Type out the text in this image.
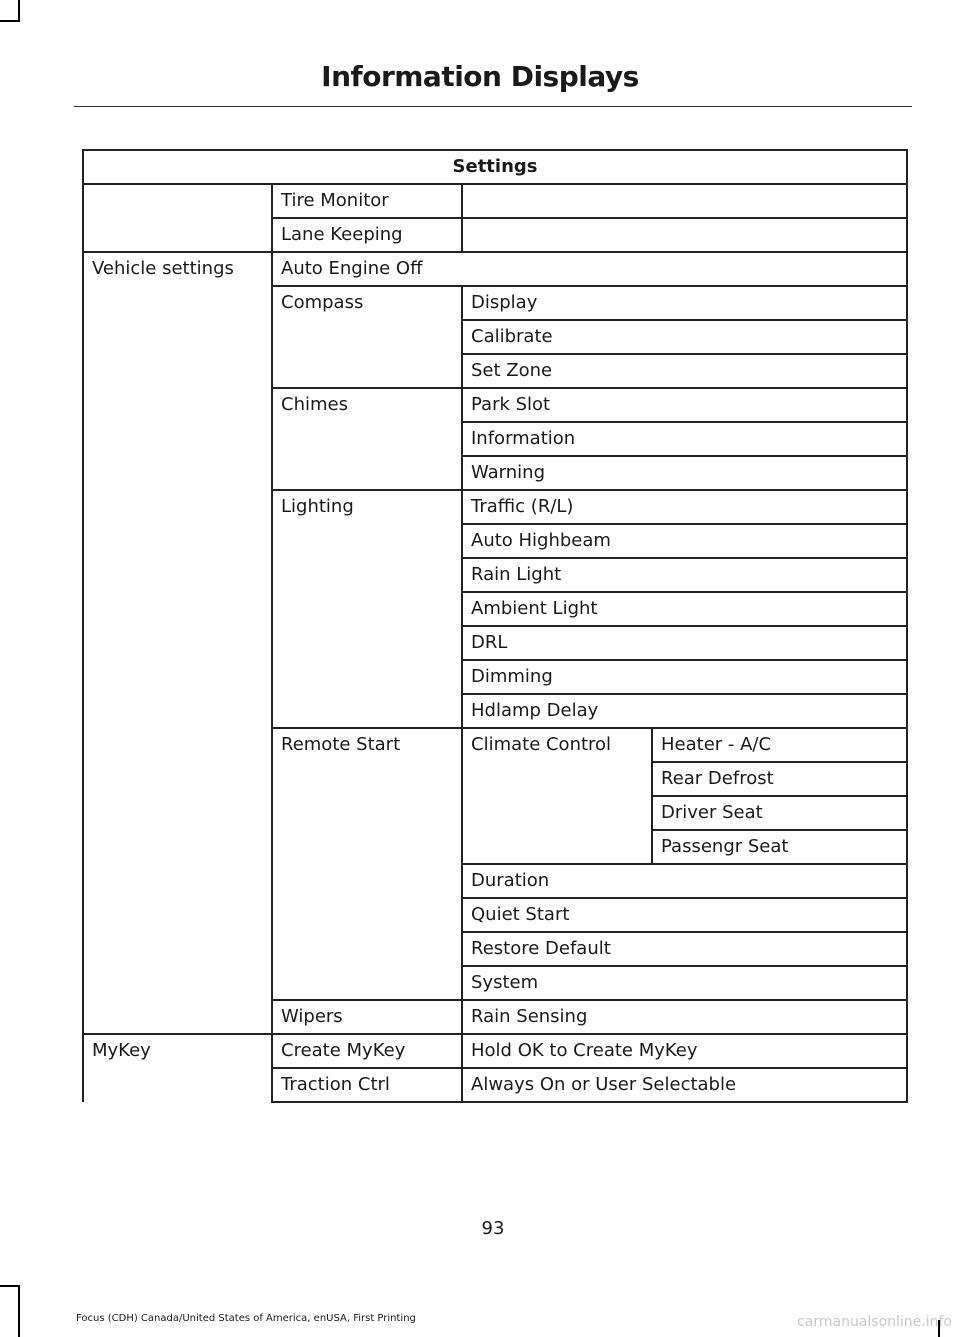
Information Displays
Settings			
	Tire Monitor		
	Lane Keeping		
Vehicle settings	Auto Engine Off		
	Compass	Display	
		Calibrate	
		Set Zone	
	Chimes	Park Slot	
		Information	
		Warning	
	Lighting	Traffic (R/L)	
		Auto Highbeam	
		Rain Light	
		Ambient Light	
		DRL	
		Dimming	
		Hdlamp Delay	
	Remote Start	Climate Control	Heater - A/C
			Rear Defrost
			Driver Seat
			Passengr Seat
		Duration	
		Quiet Start	
		Restore Default	
		System	
	Wipers	Rain Sensing	
MyKey	Create MyKey	Hold OK to Create MyKey	
	Traction Ctrl	Always On or User Selectable	
93
Focus (CDH) Canada/United States of America, enUSA, First Printing	carmanualsonline.info
